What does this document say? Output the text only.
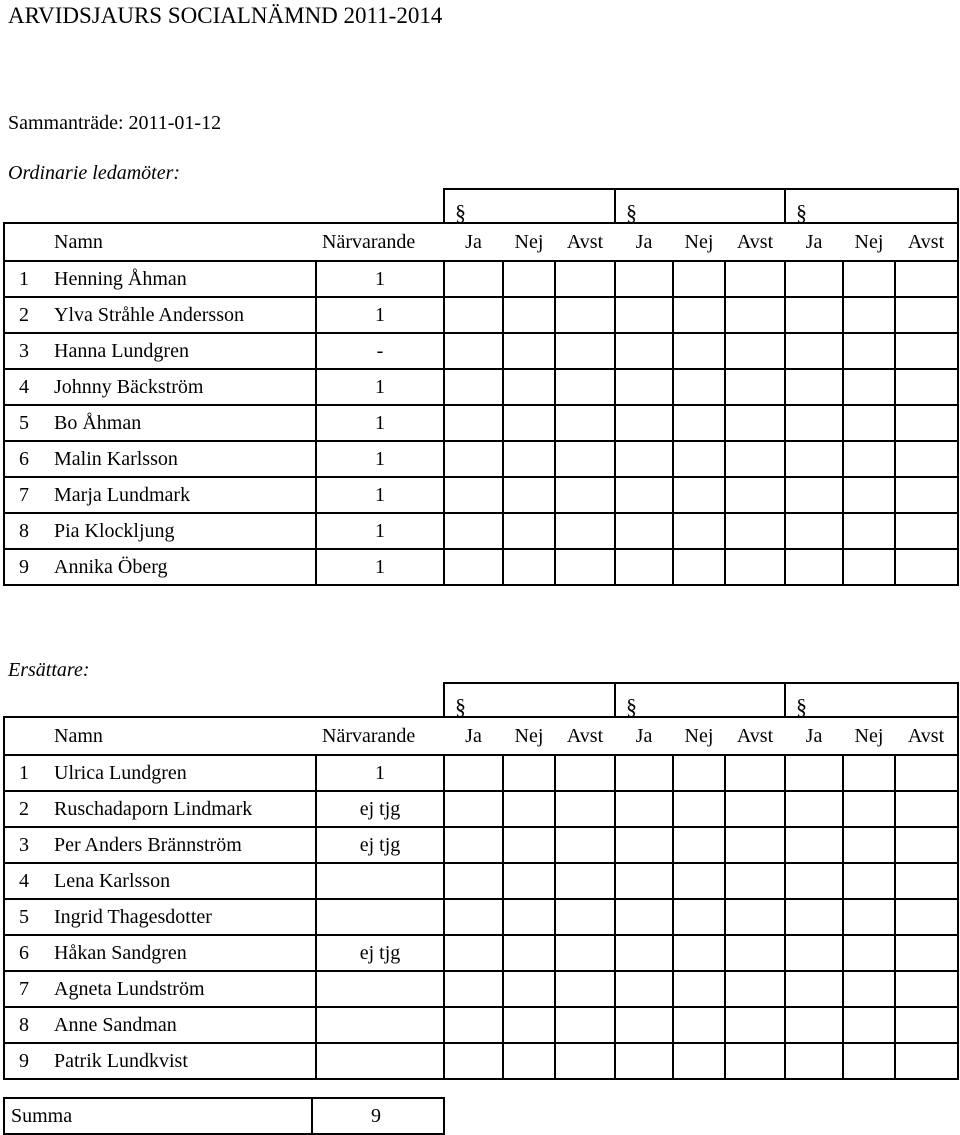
ARVIDSJAURS SOCIALNÄMND 2011-2014
Sammanträde: 2011-01-12
Ordinarie ledamöter:
			§			§			§		
	Namn	Närvarande	Ja	Nej	Avst	Ja	Nej	Avst	Ja	Nej	Avst
1	Henning Åhman	1									
2	Ylva Stråhle Andersson	1									
3	Hanna Lundgren	-									
4	Johnny Bäckström	1									
5	Bo Åhman	1									
6	Malin Karlsson	1									
7	Marja Lundmark	1									
8	Pia Klockljung	1									
9	Annika Öberg	1									
Ersättare:
			§			§			§		
	Namn	Närvarande	Ja	Nej	Avst	Ja	Nej	Avst	Ja	Nej	Avst
1	Ulrica Lundgren	1									
2	Ruschadaporn Lindmark	ej tjg									
3	Per Anders Brännström	ej tjg									
4	Lena Karlsson										
5	Ingrid Thagesdotter										
6	Håkan Sandgren	ej tjg									
7	Agneta Lundström										
8	Anne Sandman										
9	Patrik Lundkvist										
Summa	9
